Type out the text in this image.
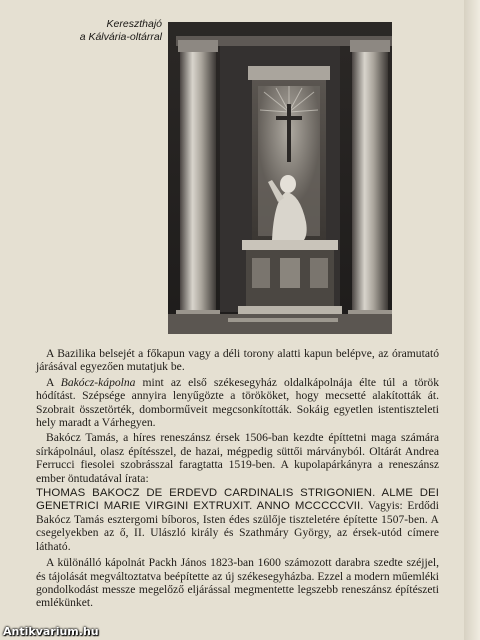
Kereszthajó
a Kálvária-oltárral

A Bazilika belsejét a főkapun vagy a déli torony alatti kapun belépve, az óramutató járásával egyezően mutatjuk be.

A Bakócz-kápolna mint az első székesegyház oldalkápolnája élte túl a török hódítást. Szépsége annyira lenyűgözte a törököket, hogy mecsetté alakították át. Szobrait összetörték, domborműveit megcsonkították. Sokáig egyetlen istentiszteleti hely maradt a Várhegyen.

Bakócz Tamás, a híres reneszánsz érsek 1506-ban kezdte építtetni maga számára sírkápolnául, olasz építésszel, de hazai, mégpedig süttői márványból. Oltárát Andrea Ferrucci fiesolei szobrásszal faragtatta 1519-ben. A kupolapárkányra a reneszánsz ember öntudatával írata:

THOMAS BAKOCZ DE ERDEVD CARDINALIS STRIGONIEN. ALME DEI GENETRICI MARIE VIRGINI EXTRUXIT. ANNO MCCCCCVII. Vagyis: Erdődi Bakócz Tamás esztergomi bíboros, Isten édes szülője tiszteletére építette 1507-ben. A csegelyekben az ő, II. Ulászló király és Szathmáry György, az érsek-utód címere látható.

A különálló kápolnát Packh János 1823-ban 1600 számozott darabra szedte széjjel, és tájolását megváltoztatva beépítette az új székesegyházba. Ezzel a modern műemléki gondolkodást messze megelőző eljárással megmentette legszebb reneszánsz építészeti emlékünket.

Antikvarium.hu
